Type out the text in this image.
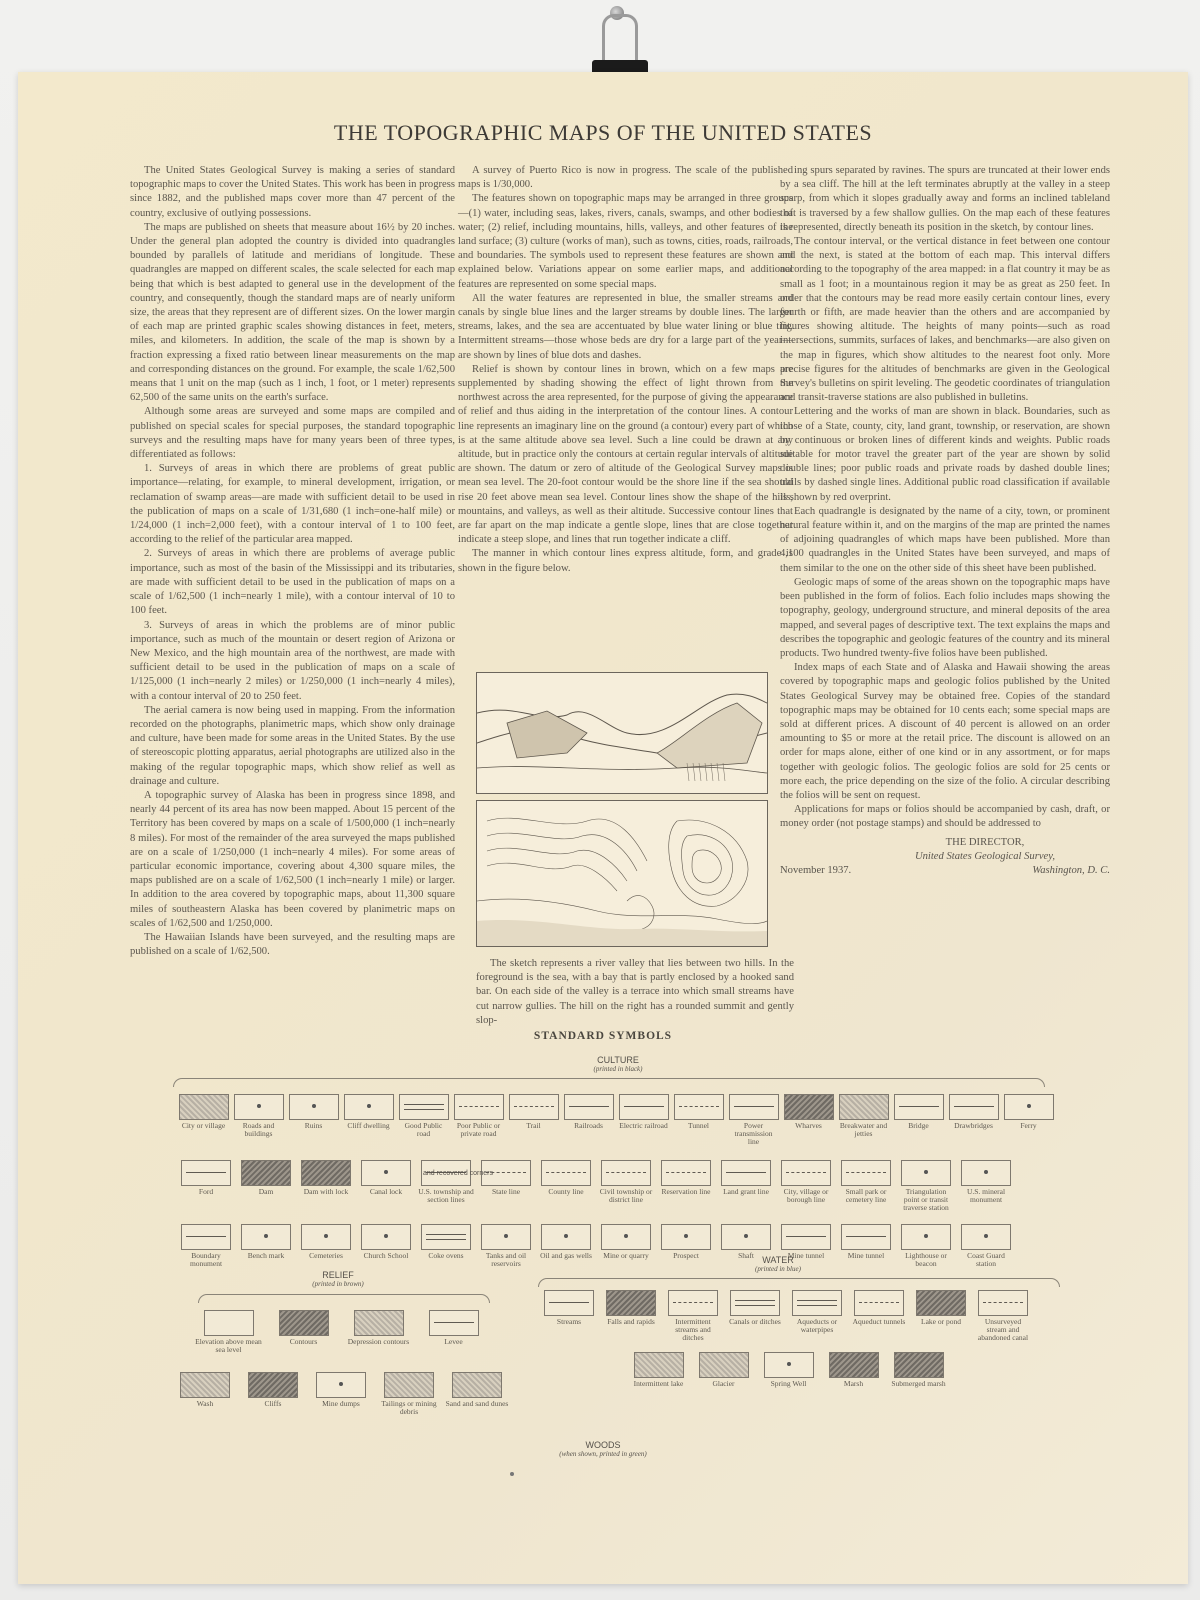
THE TOPOGRAPHIC MAPS OF THE UNITED STATES

The United States Geological Survey is making a series of standard topographic maps to cover the United States. This work has been in progress since 1882, and the published maps cover more than 47 percent of the country, exclusive of outlying possessions.

The maps are published on sheets that measure about 16½ by 20 inches. Under the general plan adopted the country is divided into quadrangles bounded by parallels of latitude and meridians of longitude. These quadrangles are mapped on different scales, the scale selected for each map being that which is best adapted to general use in the development of the country, and consequently, though the standard maps are of nearly uniform size, the areas that they represent are of different sizes. On the lower margin of each map are printed graphic scales showing distances in feet, meters, miles, and kilometers. In addition, the scale of the map is shown by a fraction expressing a fixed ratio between linear measurements on the map and corresponding distances on the ground. For example, the scale 1/62,500 means that 1 unit on the map (such as 1 inch, 1 foot, or 1 meter) represents 62,500 of the same units on the earth's surface.

Although some areas are surveyed and some maps are compiled and published on special scales for special purposes, the standard topographic surveys and the resulting maps have for many years been of three types, differentiated as follows:

1. Surveys of areas in which there are problems of great public importance—relating, for example, to mineral development, irrigation, or reclamation of swamp areas—are made with sufficient detail to be used in the publication of maps on a scale of 1/31,680 (1 inch=one-half mile) or 1/24,000 (1 inch=2,000 feet), with a contour interval of 1 to 100 feet, according to the relief of the particular area mapped.

2. Surveys of areas in which there are problems of average public importance, such as most of the basin of the Mississippi and its tributaries, are made with sufficient detail to be used in the publication of maps on a scale of 1/62,500 (1 inch=nearly 1 mile), with a contour interval of 10 to 100 feet.

3. Surveys of areas in which the problems are of minor public importance, such as much of the mountain or desert region of Arizona or New Mexico, and the high mountain area of the northwest, are made with sufficient detail to be used in the publication of maps on a scale of 1/125,000 (1 inch=nearly 2 miles) or 1/250,000 (1 inch=nearly 4 miles), with a contour interval of 20 to 250 feet.

The aerial camera is now being used in mapping. From the information recorded on the photographs, planimetric maps, which show only drainage and culture, have been made for some areas in the United States. By the use of stereoscopic plotting apparatus, aerial photographs are utilized also in the making of the regular topographic maps, which show relief as well as drainage and culture.

A topographic survey of Alaska has been in progress since 1898, and nearly 44 percent of its area has now been mapped. About 15 percent of the Territory has been covered by maps on a scale of 1/500,000 (1 inch=nearly 8 miles). For most of the remainder of the area surveyed the maps published are on a scale of 1/250,000 (1 inch=nearly 4 miles). For some areas of particular economic importance, covering about 4,300 square miles, the maps published are on a scale of 1/62,500 (1 inch=nearly 1 mile) or larger. In addition to the area covered by topographic maps, about 11,300 square miles of southeastern Alaska has been covered by planimetric maps on scales of 1/62,500 and 1/250,000.

The Hawaiian Islands have been surveyed, and the resulting maps are published on a scale of 1/62,500.

A survey of Puerto Rico is now in progress. The scale of the published maps is 1/30,000.

The features shown on topographic maps may be arranged in three groups—(1) water, including seas, lakes, rivers, canals, swamps, and other bodies of water; (2) relief, including mountains, hills, valleys, and other features of the land surface; (3) culture (works of man), such as towns, cities, roads, railroads, and boundaries. The symbols used to represent these features are shown and explained below. Variations appear on some earlier maps, and additional features are represented on some special maps.

All the water features are represented in blue, the smaller streams and canals by single blue lines and the larger streams by double lines. The larger streams, lakes, and the sea are accentuated by blue water lining or blue tint. Intermittent streams—those whose beds are dry for a large part of the year—are shown by lines of blue dots and dashes.

Relief is shown by contour lines in brown, which on a few maps are supplemented by shading showing the effect of light thrown from the northwest across the area represented, for the purpose of giving the appearance of relief and thus aiding in the interpretation of the contour lines. A contour line represents an imaginary line on the ground (a contour) every part of which is at the same altitude above sea level. Such a line could be drawn at any altitude, but in practice only the contours at certain regular intervals of altitude are shown. The datum or zero of altitude of the Geological Survey maps is mean sea level. The 20-foot contour would be the shore line if the sea should rise 20 feet above mean sea level. Contour lines show the shape of the hills, mountains, and valleys, as well as their altitude. Successive contour lines that are far apart on the map indicate a gentle slope, lines that are close together indicate a steep slope, and lines that run together indicate a cliff.

The manner in which contour lines express altitude, form, and grade is shown in the figure below.

ing spurs separated by ravines. The spurs are truncated at their lower ends by a sea cliff. The hill at the left terminates abruptly at the valley in a steep scarp, from which it slopes gradually away and forms an inclined tableland that is traversed by a few shallow gullies. On the map each of these features is represented, directly beneath its position in the sketch, by contour lines.

The contour interval, or the vertical distance in feet between one contour and the next, is stated at the bottom of each map. This interval differs according to the topography of the area mapped: in a flat country it may be as small as 1 foot; in a mountainous region it may be as great as 250 feet. In order that the contours may be read more easily certain contour lines, every fourth or fifth, are made heavier than the others and are accompanied by figures showing altitude. The heights of many points—such as road intersections, summits, surfaces of lakes, and benchmarks—are also given on the map in figures, which show altitudes to the nearest foot only. More precise figures for the altitudes of benchmarks are given in the Geological Survey's bulletins on spirit leveling. The geodetic coordinates of triangulation and transit-traverse stations are also published in bulletins.

Lettering and the works of man are shown in black. Boundaries, such as those of a State, county, city, land grant, township, or reservation, are shown by continuous or broken lines of different kinds and weights. Public roads suitable for motor travel the greater part of the year are shown by solid double lines; poor public roads and private roads by dashed double lines; trails by dashed single lines. Additional public road classification if available is shown by red overprint.

Each quadrangle is designated by the name of a city, town, or prominent natural feature within it, and on the margins of the map are printed the names of adjoining quadrangles of which maps have been published. More than 4,100 quadrangles in the United States have been surveyed, and maps of them similar to the one on the other side of this sheet have been published.

Geologic maps of some of the areas shown on the topographic maps have been published in the form of folios. Each folio includes maps showing the topography, geology, underground structure, and mineral deposits of the area mapped, and several pages of descriptive text. The text explains the maps and describes the topographic and geologic features of the country and its mineral products. Two hundred twenty-five folios have been published.

Index maps of each State and of Alaska and Hawaii showing the areas covered by topographic maps and geologic folios published by the United States Geological Survey may be obtained free. Copies of the standard topographic maps may be obtained for 10 cents each; some special maps are sold at different prices. A discount of 40 percent is allowed on an order amounting to $5 or more at the retail price. The discount is allowed on an order for maps alone, either of one kind or in any assortment, or for maps together with geologic folios. The geologic folios are sold for 25 cents or more each, the price depending on the size of the folio. A circular describing the folios will be sent on request.

Applications for maps or folios should be accompanied by cash, draft, or money order (not postage stamps) and should be addressed to

THE DIRECTOR,
United States Geological Survey,
November 1937.	Washington, D. C.

The sketch represents a river valley that lies between two hills. In the foreground is the sea, with a bay that is partly enclosed by a hooked sand bar. On each side of the valley is a terrace into which small streams have cut narrow gullies. The hill on the right has a rounded summit and gently slop-

STANDARD SYMBOLS
CULTURE
(printed in black)
City or village	Roads and buildings
Ruins	Cliff dwelling	Good Public road
Poor Public or private road
Trail	Railroads	Electric railroad	Tunnel	Power transmission line
Wharves	Breakwater and jetties
Bridge	Drawbridges	Ferry
Ford	Dam	Dam with lock	Canal lock	U.S. township and section lines
State line	County line	Civil township or district line
Reservation line	Land grant line	City, village or borough line
Small park or cemetery line
Triangulation point or transit traverse station
U.S. mineral monument
and recovered corners
Boundary monument
Bench mark	Cemeteries	Church School	Coke ovens	Tanks and oil reservoirs
Oil and gas wells	Mine or quarry	Prospect	Shaft	Mine tunnel	Mine tunnel	Lighthouse or beacon
Coast Guard station
RELIEF
(printed in brown)
Elevation above mean sea level
Contours	Depression contours	Levee
Wash	Cliffs	Mine dumps	Tailings or mining debris
Sand and sand dunes
WATER
(printed in blue)
Streams	Falls and rapids	Intermittent streams and ditches
Canals or ditches	Aqueducts or waterpipes
Aqueduct tunnels	Lake or pond	Unsurveyed stream and abandoned canal
Intermittent lake	Glacier	Spring Well	Marsh	Submerged marsh
WOODS
(when shown, printed in green)
